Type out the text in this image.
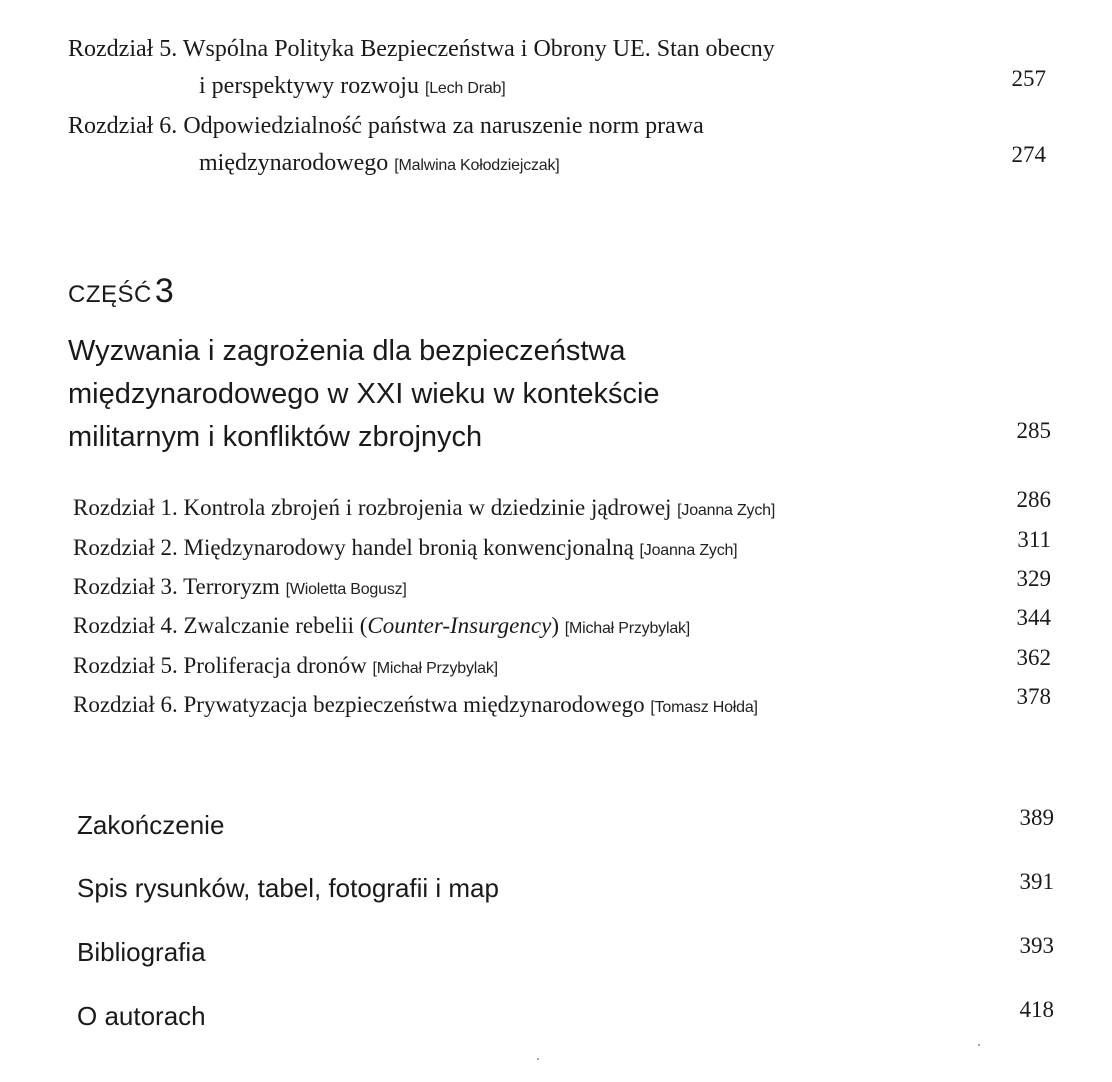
Rozdział 5. Wspólna Polityka Bezpieczeństwa i Obrony UE. Stan obecny
i perspektywy rozwoju [Lech Drab]	257
Rozdział 6. Odpowiedzialność państwa za naruszenie norm prawa
międzynarodowego [Malwina Kołodziejczak]	274
CZĘŚĆ3
Wyzwania i zagrożenia dla bezpieczeństwa
międzynarodowego w XXI wieku w kontekście
militarnym i konfliktów zbrojnych	285
Rozdział 1. Kontrola zbrojeń i rozbrojenia w dziedzinie jądrowej [Joanna Zych]	286
Rozdział 2. Międzynarodowy handel bronią konwencjonalną [Joanna Zych]	311
Rozdział 3. Terroryzm [Wioletta Bogusz]	329
Rozdział 4. Zwalczanie rebelii (Counter-Insurgency) [Michał Przybylak]	344
Rozdział 5. Proliferacja dronów [Michał Przybylak]	362
Rozdział 6. Prywatyzacja bezpieczeństwa międzynarodowego [Tomasz Hołda]	378
Zakończenie	389
Spis rysunków, tabel, fotografii i map	391
Bibliografia	393
O autorach	418
